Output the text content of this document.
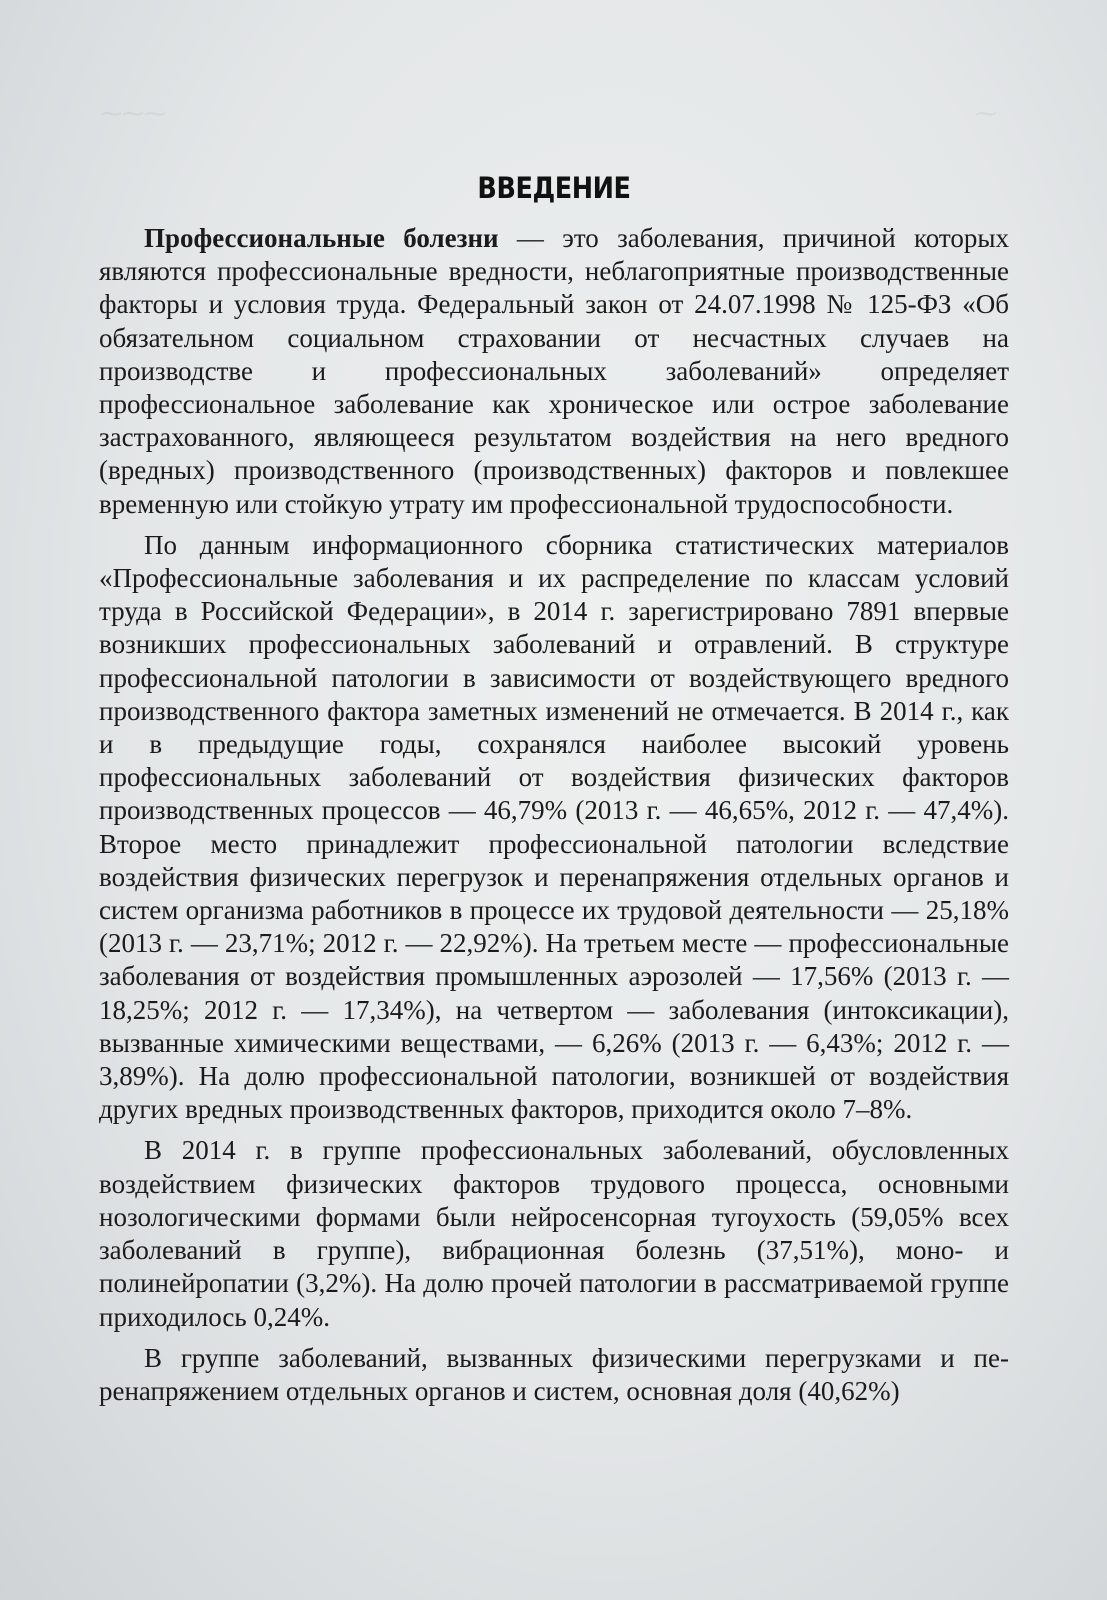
⁓⁓⁓	⁓
ВВЕДЕНИЕ

Профессиональные болезни — это заболевания, причиной которых являются профессиональные вредности, неблагоприятные производственные факторы и условия труда. Федеральный закон от 24.07.1998 № 125-ФЗ «Об обязательном социальном страховании от несчастных случаев на производстве и профессиональных заболеваний» определяет профессиональное заболевание как хроническое или острое заболевание застрахованного, являющееся результатом воздействия на него вредного (вредных) производственного (производственных) факторов и повлекшее временную или стойкую утрату им профессиональной трудоспособности.

По данным информационного сборника статистических материалов «Профессиональные заболевания и их распределение по классам условий труда в Российской Федерации», в 2014 г. зарегистрировано 7891 впервые возникших профессиональных заболеваний и отравлений. В структуре профессиональной патологии в зависимости от воздействующего вредного производственного фактора заметных изменений не отмечается. В 2014 г., как и в предыдущие годы, сохранялся наиболее высокий уровень профессиональных заболеваний от воздействия физических факторов производственных процессов — 46,79% (2013 г. — 46,65%, 2012 г. — 47,4%). Второе место принадлежит профессиональной патологии вследствие воздействия физических перегрузок и перенапряжения отдельных органов и систем организма работников в процессе их трудовой деятельности — 25,18% (2013 г. — 23,71%; 2012 г. — 22,92%). На третьем месте — профессиональные заболевания от воздействия промышленных аэрозолей — 17,56% (2013 г. — 18,25%; 2012 г. — 17,34%), на четвертом — заболевания (интоксикации), вызванные химическими веществами, — 6,26% (2013 г. — 6,43%; 2012 г. — 3,89%). На долю профессиональной патологии, возникшей от воздействия других вредных производственных факторов, приходится около 7–8%.

В 2014 г. в группе профессиональных заболеваний, обусловленных воздействием физических факторов трудового процесса, основными нозологическими формами были нейросенсорная тугоухость (59,05% всех заболеваний в группе), вибрационная болезнь (37,51%), моно- и полинейропатии (3,2%). На долю прочей патологии в рассматриваемой группе приходилось 0,24%.

В группе заболеваний, вызванных физическими перегрузками и перенапряжением отдельных органов и систем, основная доля (40,62%)
